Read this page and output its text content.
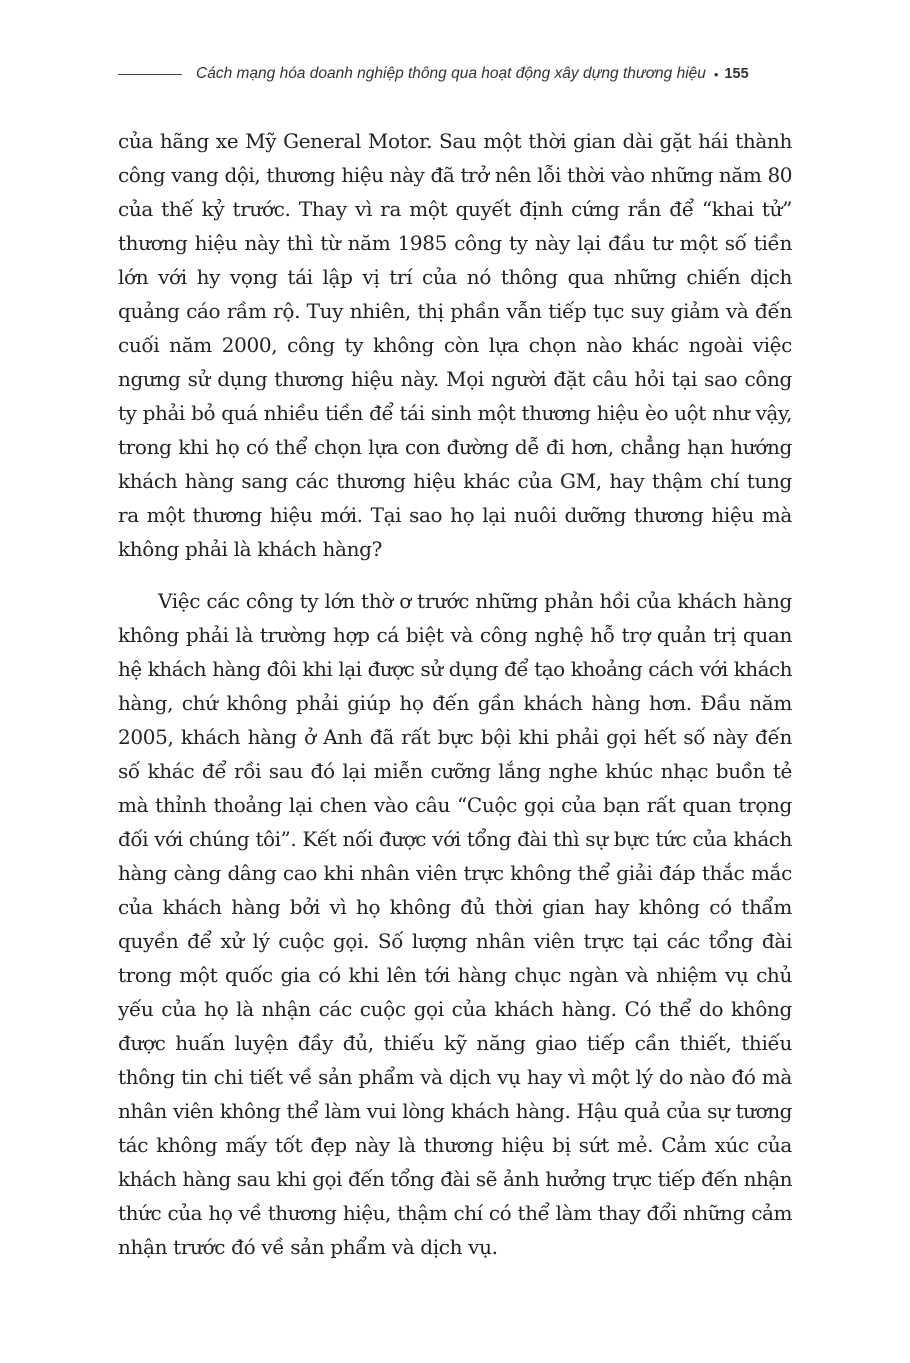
Cách mạng hóa doanh nghiệp thông qua hoạt động xây dựng thương hiệu • 155
của hãng xe Mỹ General Motor. Sau một thời gian dài gặt hái thành
công vang dội, thương hiệu này đã trở nên lỗi thời vào những năm 80
của thế kỷ trước. Thay vì ra một quyết định cứng rắn để “khai tử”
thương hiệu này thì từ năm 1985 công ty này lại đầu tư một số tiền
lớn với hy vọng tái lập vị trí của nó thông qua những chiến dịch
quảng cáo rầm rộ. Tuy nhiên, thị phần vẫn tiếp tục suy giảm và đến
cuối năm 2000, công ty không còn lựa chọn nào khác ngoài việc
ngưng sử dụng thương hiệu này. Mọi người đặt câu hỏi tại sao công
ty phải bỏ quá nhiều tiền để tái sinh một thương hiệu èo uột như vậy,
trong khi họ có thể chọn lựa con đường dễ đi hơn, chẳng hạn hướng
khách hàng sang các thương hiệu khác của GM, hay thậm chí tung
ra một thương hiệu mới. Tại sao họ lại nuôi dưỡng thương hiệu mà
không phải là khách hàng?
Việc các công ty lớn thờ ơ trước những phản hồi của khách hàng
không phải là trường hợp cá biệt và công nghệ hỗ trợ quản trị quan
hệ khách hàng đôi khi lại được sử dụng để tạo khoảng cách với khách
hàng, chứ không phải giúp họ đến gần khách hàng hơn. Đầu năm
2005, khách hàng ở Anh đã rất bực bội khi phải gọi hết số này đến
số khác để rồi sau đó lại miễn cưỡng lắng nghe khúc nhạc buồn tẻ
mà thỉnh thoảng lại chen vào câu “Cuộc gọi của bạn rất quan trọng
đối với chúng tôi”. Kết nối được với tổng đài thì sự bực tức của khách
hàng càng dâng cao khi nhân viên trực không thể giải đáp thắc mắc
của khách hàng bởi vì họ không đủ thời gian hay không có thẩm
quyền để xử lý cuộc gọi. Số lượng nhân viên trực tại các tổng đài
trong một quốc gia có khi lên tới hàng chục ngàn và nhiệm vụ chủ
yếu của họ là nhận các cuộc gọi của khách hàng. Có thể do không
được huấn luyện đầy đủ, thiếu kỹ năng giao tiếp cần thiết, thiếu
thông tin chi tiết về sản phẩm và dịch vụ hay vì một lý do nào đó mà
nhân viên không thể làm vui lòng khách hàng. Hậu quả của sự tương
tác không mấy tốt đẹp này là thương hiệu bị sứt mẻ. Cảm xúc của
khách hàng sau khi gọi đến tổng đài sẽ ảnh hưởng trực tiếp đến nhận
thức của họ về thương hiệu, thậm chí có thể làm thay đổi những cảm
nhận trước đó về sản phẩm và dịch vụ.
